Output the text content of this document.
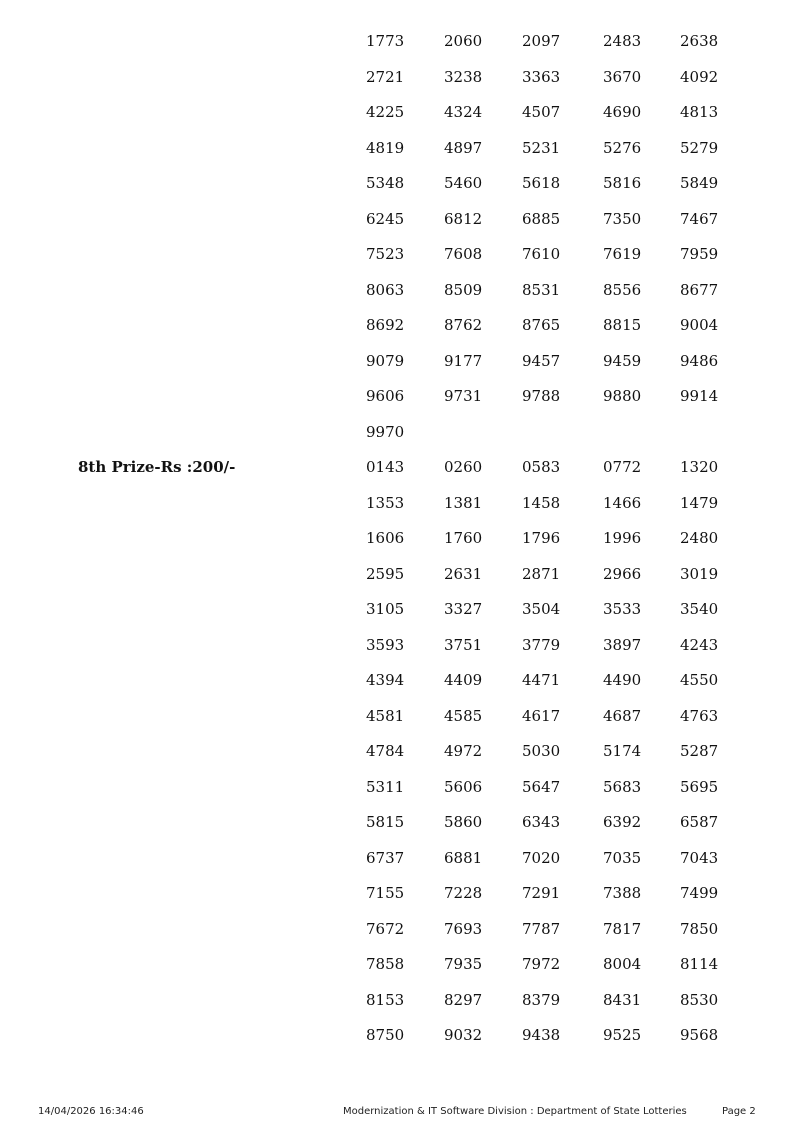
14/04/2026 16:34:46	Modernization & IT Software Division : Department of State Lotteries	Page 2
1773	2060	2097	2483	2638
2721	3238	3363	3670	4092
4225	4324	4507	4690	4813
4819	4897	5231	5276	5279
5348	5460	5618	5816	5849
6245	6812	6885	7350	7467
7523	7608	7610	7619	7959
8063	8509	8531	8556	8677
8692	8762	8765	8815	9004
9079	9177	9457	9459	9486
9606	9731	9788	9880	9914
9970
8th Prize-Rs :200/-	0143	0260	0583	0772	1320
1353	1381	1458	1466	1479
1606	1760	1796	1996	2480
2595	2631	2871	2966	3019
3105	3327	3504	3533	3540
3593	3751	3779	3897	4243
4394	4409	4471	4490	4550
4581	4585	4617	4687	4763
4784	4972	5030	5174	5287
5311	5606	5647	5683	5695
5815	5860	6343	6392	6587
6737	6881	7020	7035	7043
7155	7228	7291	7388	7499
7672	7693	7787	7817	7850
7858	7935	7972	8004	8114
8153	8297	8379	8431	8530
8750	9032	9438	9525	9568
